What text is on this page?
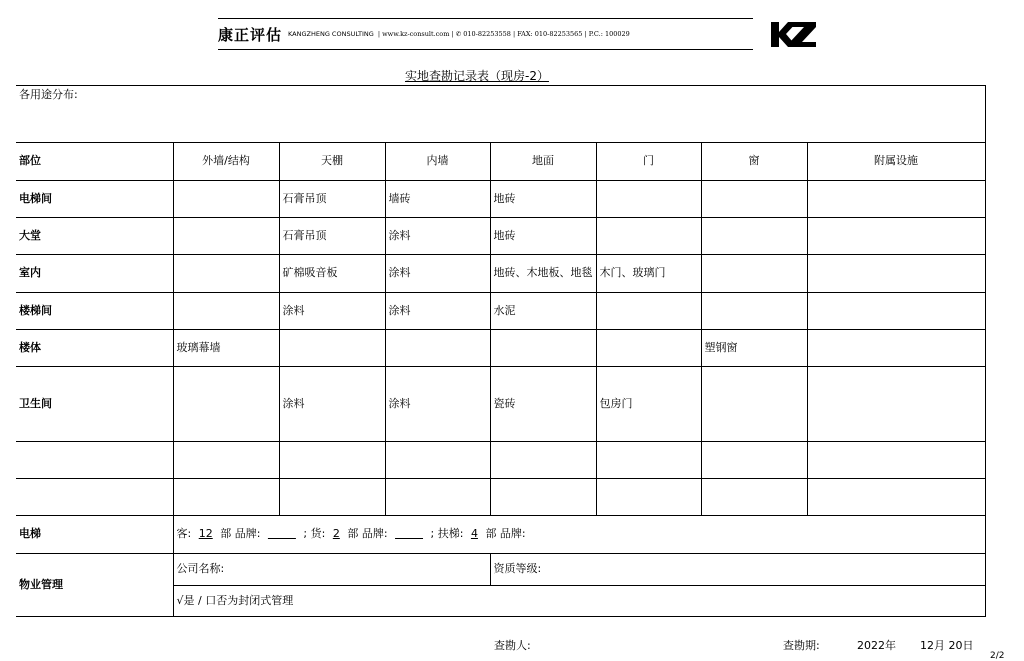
康正评估 KANGZHENG CONSULTING | www.kz-consult.com | ✆ 010-82253558 | FAX: 010-82253565 | P.C.: 100029
实地查勘记录表（现房-2）
各用途分布:							
部位	外墙/结构	天棚	内墙	地面	门	窗	附属设施
电梯间		石膏吊顶	墙砖	地砖			
大堂		石膏吊顶	涂料	地砖			
室内		矿棉吸音板	涂料	地砖、木地板、地毯	木门、玻璃门		
楼梯间		涂料	涂料	水泥			
楼体	玻璃幕墙					塑钢窗	
卫生间		涂料	涂料	瓷砖	包房门		

电梯	客: 12 部 品牌: ; 货: 2 部 品牌: ; 扶梯: 4 部 品牌:						
物业管理	公司名称:			资质等级:			
	√是 / 口否为封闭式管理						
查勘人:	查勘期:	2022年 12月 20日
2/2
